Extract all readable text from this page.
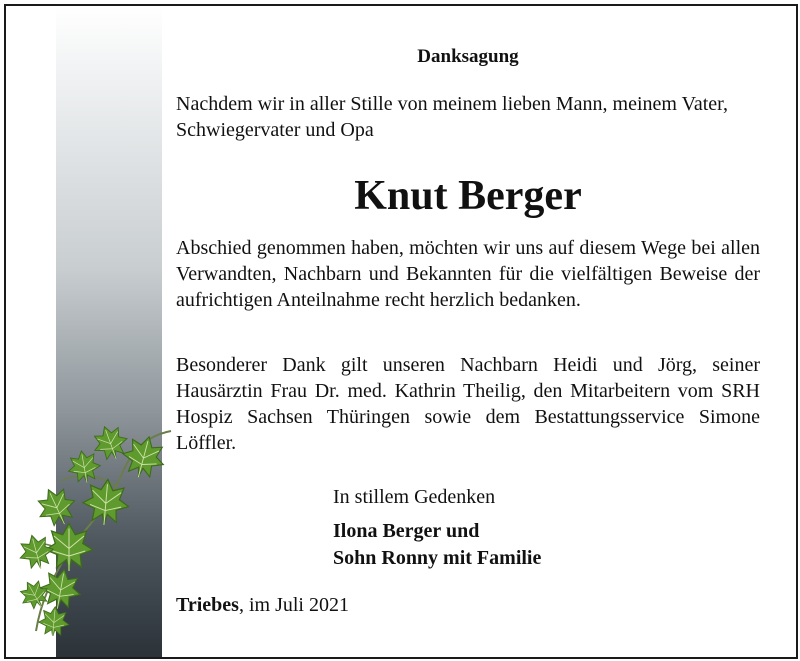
Danksagung
Nachdem wir in aller Stille von meinem lieben Mann, meinem Vater, Schwiegervater und Opa
Knut Berger
Abschied genommen haben, möchten wir uns auf diesem Wege bei allen Verwandten, Nachbarn und Bekannten für die vielfältigen Beweise der aufrichtigen Anteilnahme recht herzlich bedanken.
Besonderer Dank gilt unseren Nachbarn Heidi und Jörg, seiner Hausärztin Frau Dr. med. Kathrin Theilig, den Mitarbeitern vom SRH Hospiz Sachsen Thüringen sowie dem Bestattungsservice Simone Löffler.
In stillem Gedenken
Ilona Berger und
Sohn Ronny mit Familie
Triebes, im Juli 2021
